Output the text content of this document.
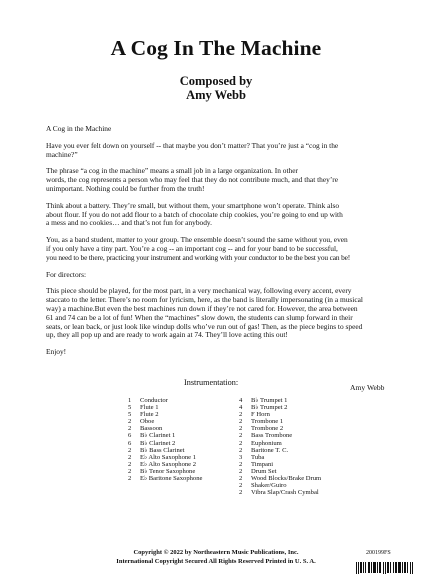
A Cog In The Machine
Composed by
Amy Webb

A Cog in the Machine

Have you ever felt down on yourself -- that maybe you don’t matter? That you’re just a “cog in the
machine?”

The phrase “a cog in the machine” means a small job in a large organization. In other
words, the cog represents a person who may feel that they do not contribute much, and that they’re
unimportant. Nothing could be further from the truth!

Think about a battery. They’re small, but without them, your smartphone won’t operate. Think also
about flour. If you do not add flour to a batch of chocolate chip cookies, you’re going to end up with
a mess and no cookies… and that’s not fun for anybody.

You, as a band student, matter to your group. The ensemble doesn’t sound the same without you, even
if you only have a tiny part. You’re a cog -- an important cog -- and for your band to be successful,
you need to be there, practicing your instrument and working with your conductor to be the best you can be!

For directors:

This piece should be played, for the most part, in a very mechanical way, following every accent, every
staccato to the letter. There’s no room for lyricism, here, as the band is literally impersonating (in a musical
way) a machine.But even the best machines run down if they’re not cared for. However, the area between
61 and 74 can be a lot of fun! When the “machines” slow down, the students can slump forward in their
seats, or lean back, or just look like windup dolls who’ve run out of gas! Then, as the piece begins to speed
up, they all pop up and are ready to work again at 74. They’ll love acting this out!

Enjoy!

Instrumentation:
Amy Webb
1 Conductor
5 Flute 1
5 Flute 2
2 Oboe
2 Bassoon
6 B♭ Clarinet 1
6 B♭ Clarinet 2
2 B♭ Bass Clarinet
2 E♭ Alto Saxophone 1
2 E♭ Alto Saxophone 2
2 B♭ Tenor Saxophone
2 E♭ Baritone Saxophone
4 B♭ Trumpet 1
4 B♭ Trumpet 2
2 F Horn
2 Trombone 1
2 Trombone 2
2 Bass Trombone
2 Euphonium
2 Baritone T. C.
3 Tuba
2 Timpani
2 Drum Set
2 Wood Blocks/Brake Drum
2 Shaker/Guiro
2 Vibra Slap/Crash Cymbal
Copyright © 2022 by Northeastern Music Publications, Inc.
International Copyright Secured All Rights Reserved Printed in U. S. A.
200199FS
